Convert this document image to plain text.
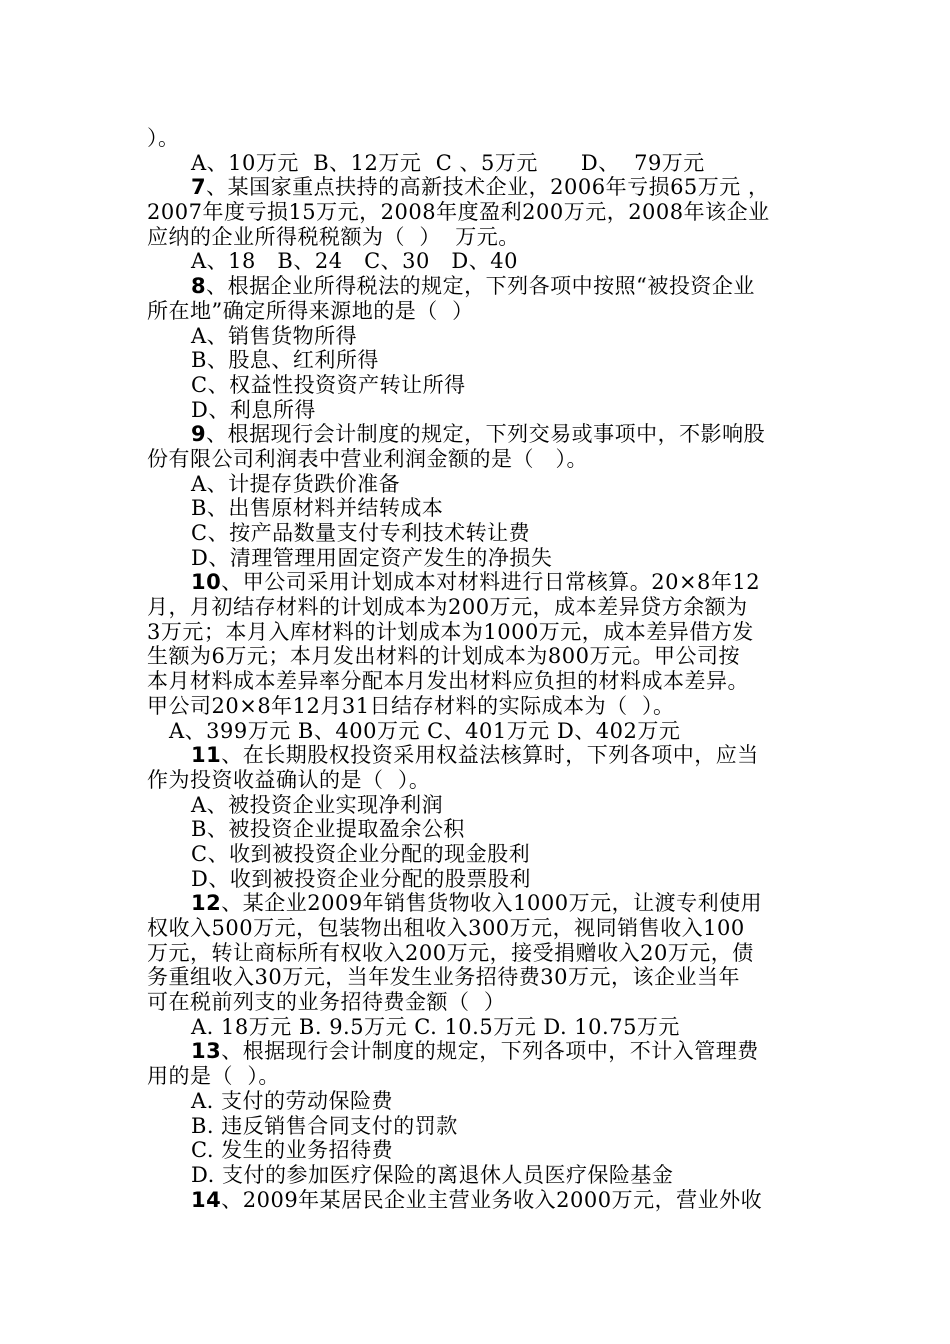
）。
A、10万元  B、12万元  C 、5万元      D、  79万元
7、某国家重点扶持的高新技术企业，2006年亏损65万元 ，
2007年度亏损15万元，2008年度盈利200万元，2008年该企业
应纳的企业所得税税额为（  ）  万元。
A、18   B、24   C、30   D、40
8、根据企业所得税法的规定，下列各项中按照“被投资企业
所在地”确定所得来源地的是（  ）
A、销售货物所得
B、股息、红利所得
C、权益性投资资产转让所得
D、利息所得
9、根据现行会计制度的规定，下列交易或事项中，不影响股
份有限公司利润表中营业利润金额的是（   ）。
A、计提存货跌价准备
B、出售原材料并结转成本
C、按产品数量支付专利技术转让费
D、清理管理用固定资产发生的净损失
10、甲公司采用计划成本对材料进行日常核算。20×8年12
月，月初结存材料的计划成本为200万元，成本差异贷方余额为
3万元；本月入库材料的计划成本为1000万元，成本差异借方发
生额为6万元；本月发出材料的计划成本为800万元。甲公司按
本月材料成本差异率分配本月发出材料应负担的材料成本差异。
甲公司20×8年12月31日结存材料的实际成本为（  ）。
A、399万元 B、400万元 C、401万元 D、402万元
11、在长期股权投资采用权益法核算时，下列各项中，应当
作为投资收益确认的是（  ）。
A、被投资企业实现净利润
B、被投资企业提取盈余公积
C、收到被投资企业分配的现金股利
D、收到被投资企业分配的股票股利
12、某企业2009年销售货物收入1000万元，让渡专利使用
权收入500万元，包装物出租收入300万元，视同销售收入100
万元，转让商标所有权收入200万元，接受捐赠收入20万元，债
务重组收入30万元，当年发生业务招待费30万元，该企业当年
可在税前列支的业务招待费金额（  ）
A. 18万元 B. 9.5万元 C. 10.5万元 D. 10.75万元
13、根据现行会计制度的规定，下列各项中，不计入管理费
用的是（  ）。
A. 支付的劳动保险费
B. 违反销售合同支付的罚款
C. 发生的业务招待费
D. 支付的参加医疗保险的离退休人员医疗保险基金
14、2009年某居民企业主营业务收入2000万元，营业外收
